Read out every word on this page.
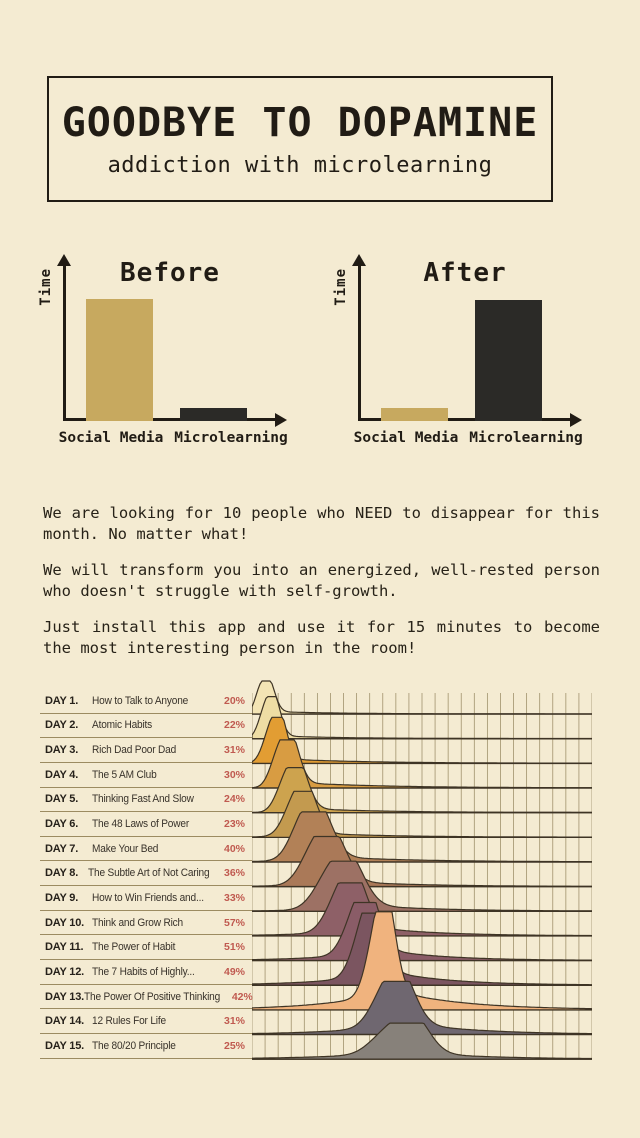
GOODBYE TO DOPAMINE
addiction with microlearning
Before
Time
Social Media Microlearning
After
Time
Social Media Microlearning

We are looking for 10 people who NEED to disappear for this month. No matter what!

We will transform you into an energized, well-rested person who doesn't struggle with self-growth.

Just install this app and use it for 15 minutes to become the most interesting person in the room!

DAY 1.	How to Talk to Anyone	20%
DAY 2.	Atomic Habits	22%
DAY 3.	Rich Dad Poor Dad	31%
DAY 4.	The 5 AM Club	30%
DAY 5.	Thinking Fast And Slow	24%
DAY 6.	The 48 Laws of Power	23%
DAY 7.	Make Your Bed	40%
DAY 8. The Subtle Art of Not Caring	36%
DAY 9.	How to Win Friends and...	33%
DAY 10. Think and Grow Rich	57%
DAY 11. The Power of Habit	51%
DAY 12. The 7 Habits of Highly...	49%
DAY 13. The Power Of Positive Thinking 42%
DAY 14. 12 Rules For Life	31%
DAY 15. The 80/20 Principle	25%
